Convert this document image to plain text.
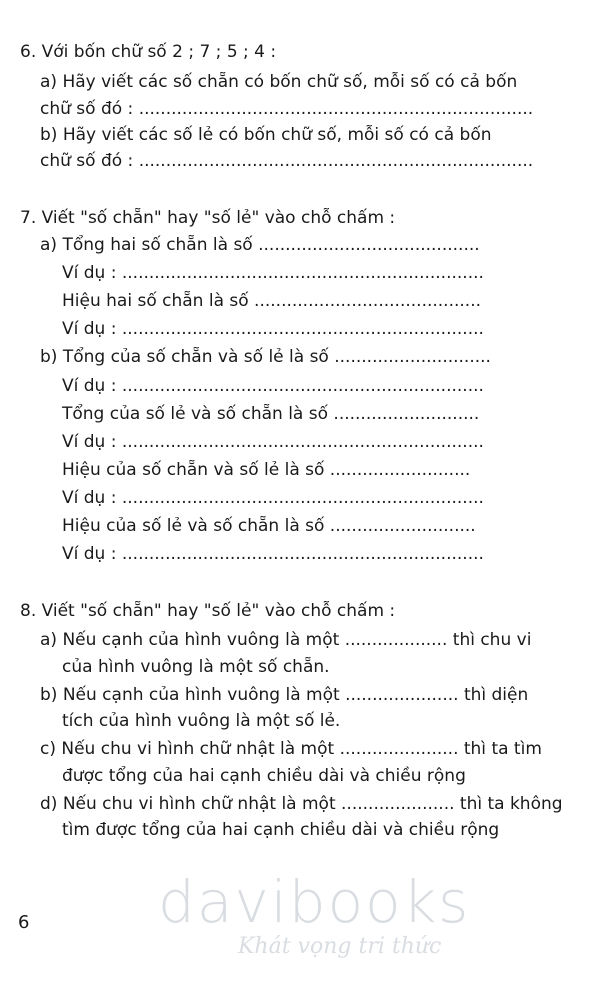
6. Với bốn chữ số 2 ; 7 ; 5 ; 4 :
a) Hãy viết các số chẵn có bốn chữ số, mỗi số có cả bốn
chữ số đó : .........................................................................
b) Hãy viết các số lẻ có bốn chữ số, mỗi số có cả bốn
chữ số đó : .........................................................................
7. Viết "số chẵn" hay "số lẻ" vào chỗ chấm :
a) Tổng hai số chẵn là số .........................................
Ví dụ : ...................................................................
Hiệu hai số chẵn là số ..........................................
Ví dụ : ...................................................................
b) Tổng của số chẵn và số lẻ là số .............................
Ví dụ : ...................................................................
Tổng của số lẻ và số chẵn là số ...........................
Ví dụ : ...................................................................
Hiệu của số chẵn và số lẻ là số ..........................
Ví dụ : ...................................................................
Hiệu của số lẻ và số chẵn là số ...........................
Ví dụ : ...................................................................
8. Viết "số chẵn" hay "số lẻ" vào chỗ chấm :
a) Nếu cạnh của hình vuông là một ................... thì chu vi
của hình vuông là một số chẵn.
b) Nếu cạnh của hình vuông là một ..................... thì diện
tích của hình vuông là một số lẻ.
c) Nếu chu vi hình chữ nhật là một ...................... thì ta tìm
được tổng của hai cạnh chiều dài và chiều rộng
d) Nếu chu vi hình chữ nhật là một ..................... thì ta không
tìm được tổng của hai cạnh chiều dài và chiều rộng
6 davibooks
Khát vọng tri thức
